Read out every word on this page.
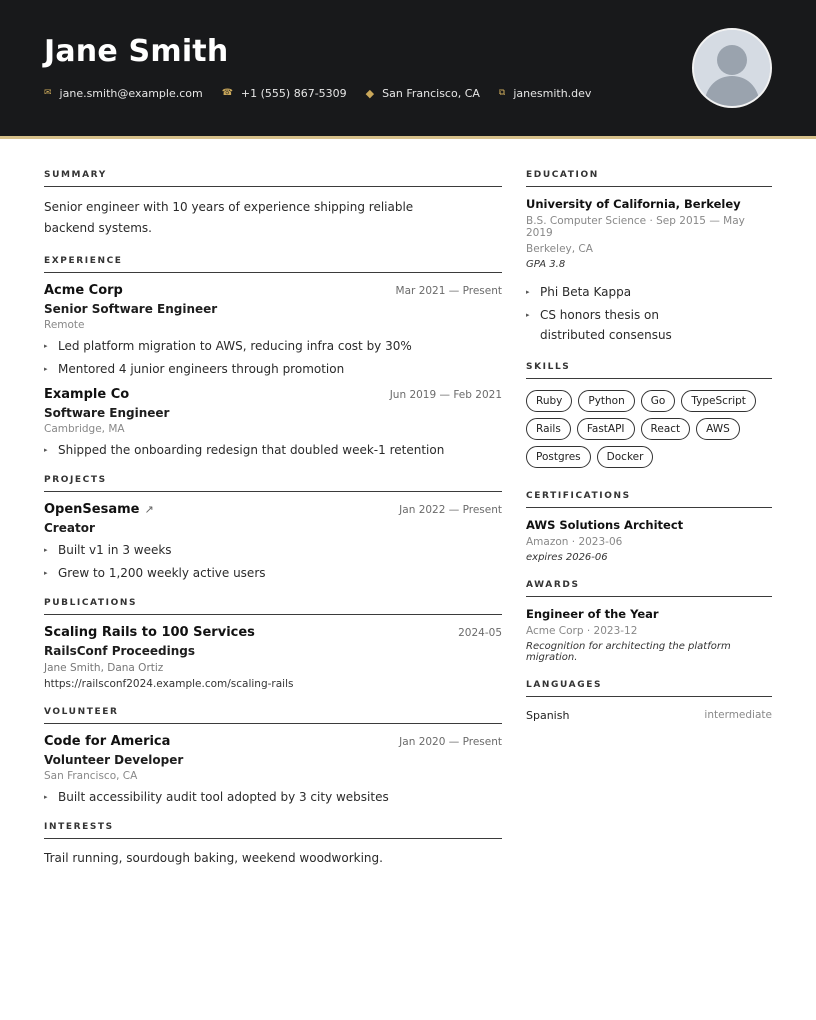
Jane Smith
✉ jane.smith@example.com ☎ +1 (555) 867-5309 ◆ San Francisco, CA ⧉ janesmith.dev
SUMMARY
Senior engineer with 10 years of experience shipping reliable backend systems.
EXPERIENCE
Acme Corp	Mar 2021 — Present
Senior Software Engineer
Remote
▸ Led platform migration to AWS, reducing infra cost by 30%
▸ Mentored 4 junior engineers through promotion
Example Co	Jun 2019 — Feb 2021
Software Engineer
Cambridge, MA
▸ Shipped the onboarding redesign that doubled week-1 retention
PROJECTS
OpenSesame ↗	Jan 2022 — Present
Creator
▸ Built v1 in 3 weeks
▸ Grew to 1,200 weekly active users
PUBLICATIONS
Scaling Rails to 100 Services	2024-05
RailsConf Proceedings
Jane Smith, Dana Ortiz
https://railsconf2024.example.com/scaling-rails
VOLUNTEER
Code for America	Jan 2020 — Present
Volunteer Developer
San Francisco, CA
▸ Built accessibility audit tool adopted by 3 city websites
INTERESTS
Trail running, sourdough baking, weekend woodworking.
EDUCATION
University of California, Berkeley
B.S. Computer Science · Sep 2015 — May 2019
Berkeley, CA
GPA 3.8
▸ Phi Beta Kappa
▸ CS honors thesis on distributed consensus
SKILLS
Ruby	Python	Go	TypeScript
Rails	FastAPI	React	AWS
Postgres	Docker
CERTIFICATIONS
AWS Solutions Architect
Amazon · 2023-06
expires 2026-06
AWARDS
Engineer of the Year
Acme Corp · 2023-12
Recognition for architecting the platform migration.
LANGUAGES
Spanish	intermediate
